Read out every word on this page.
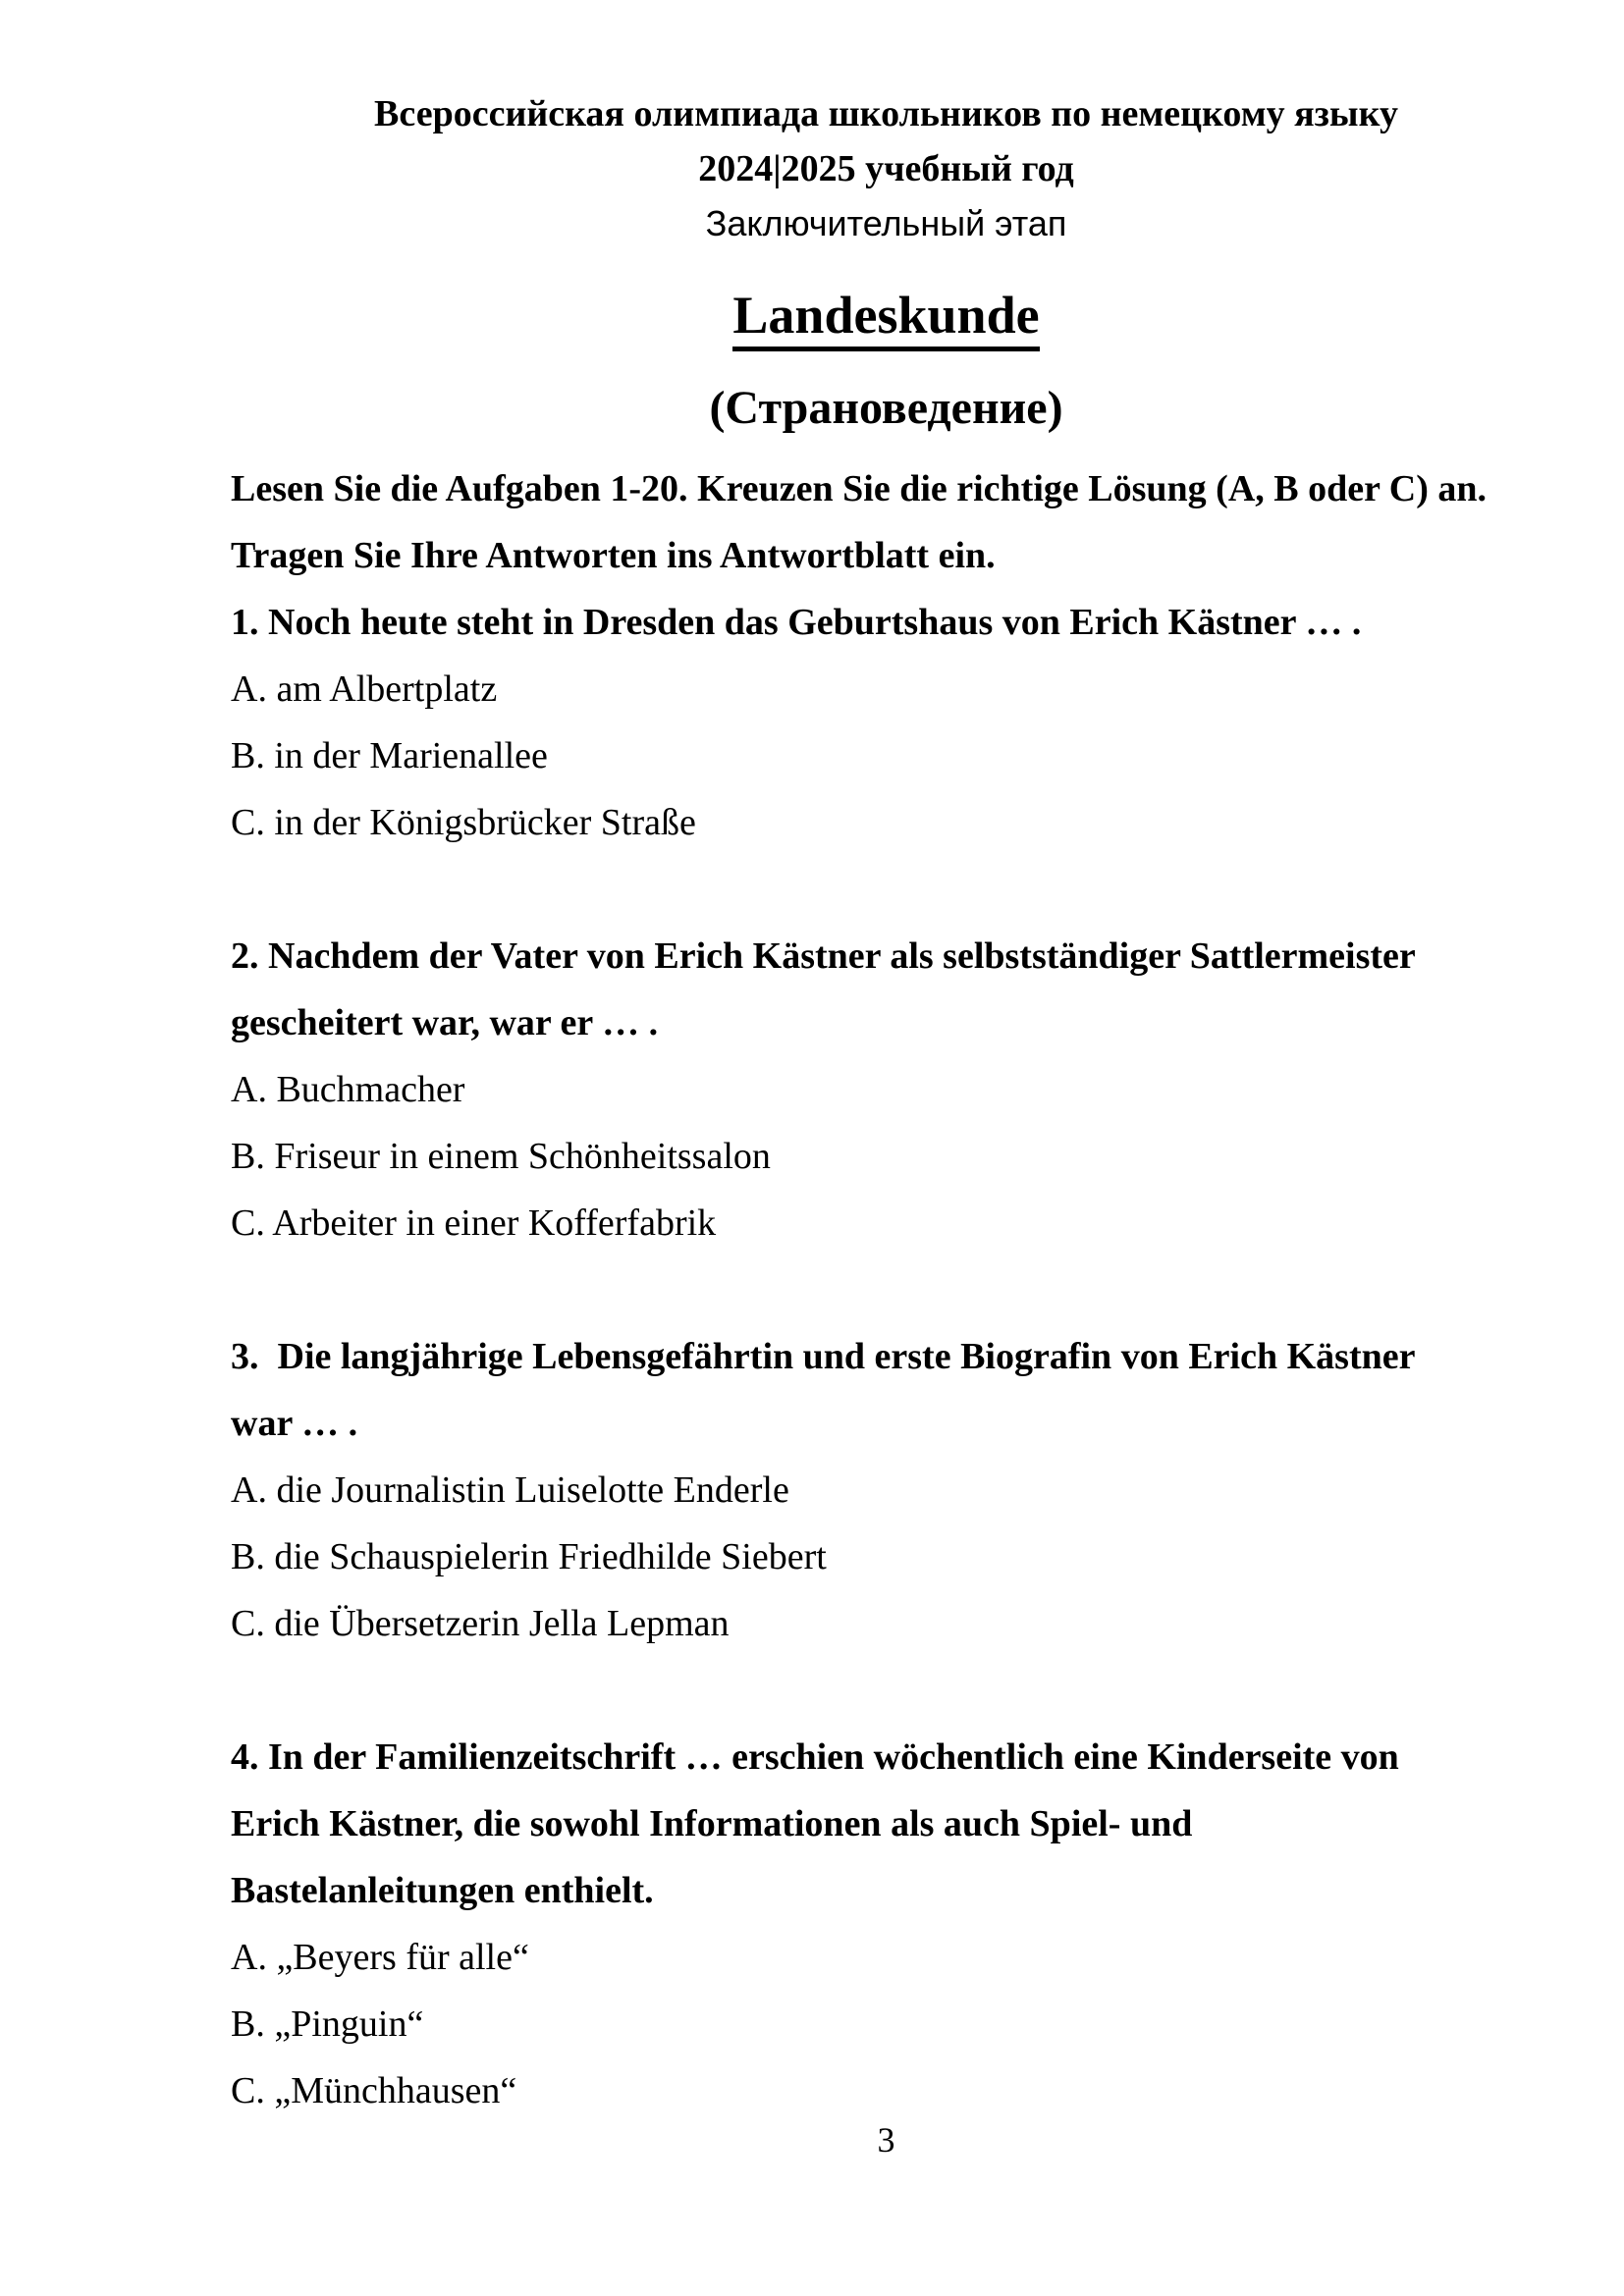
Всероссийская олимпиада школьников по немецкому языку
2024|2025 учебный год
Заключительный этап
Landeskunde
(Страноведение)
Lesen Sie die Aufgaben 1-20. Kreuzen Sie die richtige Lösung (A, B oder C) an.
Tragen Sie Ihre Antworten ins Antwortblatt ein.
1. Noch heute steht in Dresden das Geburtshaus von Erich Kästner … .
A. am Albertplatz
B. in der Marienallee
C. in der Königsbrücker Straße
2. Nachdem der Vater von Erich Kästner als selbstständiger Sattlermeister
gescheitert war, war er … .
A. Buchmacher
B. Friseur in einem Schönheitssalon
C. Arbeiter in einer Kofferfabrik
3.  Die langjährige Lebensgefährtin und erste Biografin von Erich Kästner
war … .
A. die Journalistin Luiselotte Enderle
B. die Schauspielerin Friedhilde Siebert
C. die Übersetzerin Jella Lepman
4. In der Familienzeitschrift … erschien wöchentlich eine Kinderseite von
Erich Kästner, die sowohl Informationen als auch Spiel- und
Bastelanleitungen enthielt.
A. „Beyers für alle“
B. „Pinguin“
C. „Münchhausen“
3
